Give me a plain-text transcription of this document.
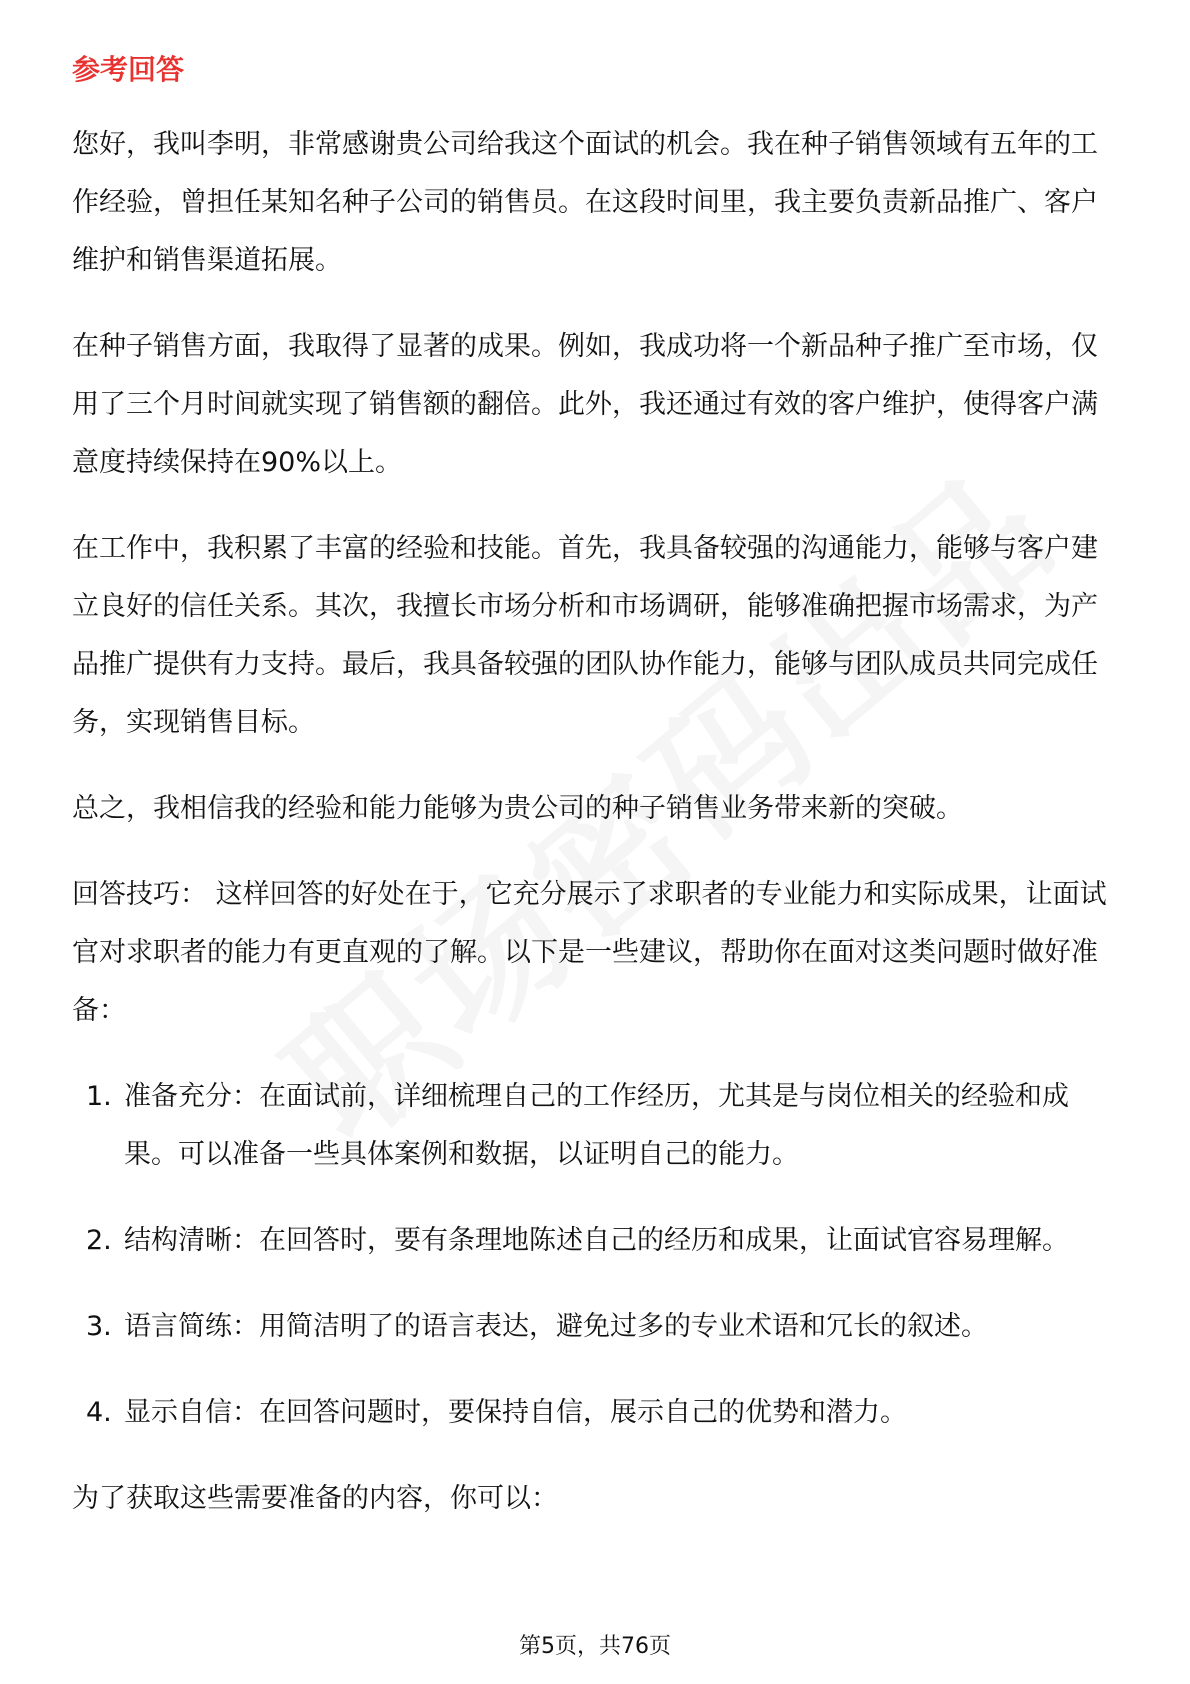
参考回答

您好，我叫李明，非常感谢贵公司给我这个面试的机会。我在种子销售领域有五年的工作经验，曾担任某知名种子公司的销售员。在这段时间里，我主要负责新品推广、客户维护和销售渠道拓展。

在种子销售方面，我取得了显著的成果。例如，我成功将一个新品种子推广至市场，仅用了三个月时间就实现了销售额的翻倍。此外，我还通过有效的客户维护，使得客户满意度持续保持在90%以上。

在工作中，我积累了丰富的经验和技能。首先，我具备较强的沟通能力，能够与客户建立良好的信任关系。其次，我擅长市场分析和市场调研，能够准确把握市场需求，为产品推广提供有力支持。最后，我具备较强的团队协作能力，能够与团队成员共同完成任务，实现销售目标。

总之，我相信我的经验和能力能够为贵公司的种子销售业务带来新的突破。

回答技巧： 这样回答的好处在于，它充分展示了求职者的专业能力和实际成果，让面试官对求职者的能力有更直观的了解。以下是一些建议，帮助你在面对这类问题时做好准备：

1. 准备充分：在面试前，详细梳理自己的工作经历，尤其是与岗位相关的经验和成果。可以准备一些具体案例和数据，以证明自己的能力。
2. 结构清晰：在回答时，要有条理地陈述自己的经历和成果，让面试官容易理解。
3. 语言简练：用简洁明了的语言表达，避免过多的专业术语和冗长的叙述。
4. 显示自信：在回答问题时，要保持自信，展示自己的优势和潜力。

为了获取这些需要准备的内容，你可以：

第5页，共76页
